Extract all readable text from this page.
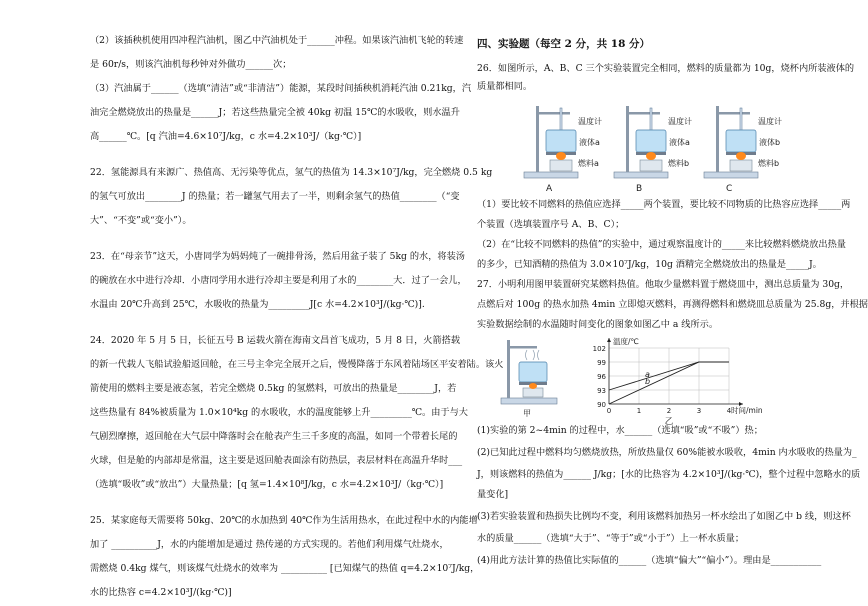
（2）该插秧机使用四冲程汽油机，图乙中汽油机处于______冲程。如果该汽油机飞轮的转速
是 60r/s，则该汽油机每秒钟对外做功______次；
（3）汽油属于______（选填“清洁”或“非清洁”）能源，某段时间插秧机消耗汽油 0.21kg，汽
油完全燃烧放出的热量是______J；若这些热量完全被 40kg 初温 15℃的水吸收，则水温升
高______℃。[q 汽油=4.6×10⁷J/kg，c 水=4.2×10³J/（kg·℃）]
22．氢能源具有来源广、热值高、无污染等优点，氢气的热值为 14.3×10⁷J/kg，完全燃烧 0.5 kg
的氢气可放出________J 的热量；若一罐氢气用去了一半，则剩余氢气的热值________（“变
大”、“不变”或“变小”）。
23．在“母亲节”这天，小唐同学为妈妈炖了一碗排骨汤，然后用盆子装了 5kg 的水，将装汤
的碗放在水中进行冷却．小唐同学用水进行冷却主要是利用了水的________大．过了一会儿，
水温由 20℃升高到 25℃，水吸收的热量为_________J[c 水=4.2×10³J/(kg·℃)].
24．2020 年 5 月 5 日，长征五号 B 运载火箭在海南文昌首飞成功，5 月 8 日，火箭搭载
的新一代载人飞船试验船返回舱，在三号主伞完全展开之后，慢慢降落于东风着陆场区平安着陆。该火
箭使用的燃料主要是液态氢，若完全燃烧 0.5kg 的氢燃料，可放出的热量是________J，若
这些热量有 84%被质量为 1.0×10⁴kg 的水吸收，水的温度能够上升_________℃。由于与大
气剧烈摩擦，返回舱在大气层中降落时会在舱表产生三千多度的高温，如同一个带着长尾的
火球，但是舱的内部却是常温，这主要是返回舱表面涂有防热层，表层材料在高温升华时___
（选填“吸收”或“放出”）大量热量；[q 氢=1.4×10⁸J/kg，c 水=4.2×10³J/（kg·℃）]
25．某家庭每天需要将 50kg、20℃的水加热到 40℃作为生活用热水，在此过程中水的内能增
加了 __________J，水的内能增加是通过 热传递的方式实现的。若他们利用煤气灶烧水，
需燃烧 0.4kg 煤气，则该煤气灶烧水的效率为 __________ [已知煤气的热值 q=4.2×10⁷J/kg，
水的比热容 c=4.2×10³J/(kg·℃)]
四、实验题（每空 2 分，共 18 分）
26．如图所示，A、B、C 三个实验装置完全相同，燃料的质量都为 10g，烧杯内所装液体的
质量都相同。
温度计
液体a
燃料a
A
温度计
液体a
燃料b
B
温度计
液体b
燃料b
C
（1）要比较不同燃料的热值应选择_____两个装置，要比较不同物质的比热容应选择_____两
个装置（选填装置序号 A、B、C）；
（2）在“比较不同燃料的热值”的实验中，通过观察温度计的_____来比较燃料燃烧放出热量
的多少，已知酒精的热值为 3.0×10⁷J/kg，10g 酒精完全燃烧放出的热量是_____J。
27．小明利用图甲装置研究某燃料热值。他取少量燃料置于燃烧皿中，测出总质量为 30g，
点燃后对 100g 的热水加热 4min 立即熄灭燃料，再测得燃料和燃烧皿总质量为 25.8g，并根据
实验数据绘制的水温随时间变化的图象如图乙中 a 线所示。
甲
90
93
96
99
102
0	1	2	3	4
温度/℃
时间/min
a
b
乙
(1)实验的第 2~4min 的过程中，水______（选填“吸”或“不吸”）热；
(2)已知此过程中燃料均匀燃烧放热，所放热量仅 60%能被水吸收，4min 内水吸收的热量为_
J，则该燃料的热值为______ J/kg；[水的比热容为 4.2×10³J/(kg·℃)，整个过程中忽略水的质
量变化]
(3)若实验装置和热损失比例均不变，利用该燃料加热另一杯水绘出了如图乙中 b 线，则这杯
水的质量______（选填“大于”、“等于”或“小于”）上一杯水质量；
(4)用此方法计算的热值比实际值的______（选填“偏大”“偏小”）。理由是___________
